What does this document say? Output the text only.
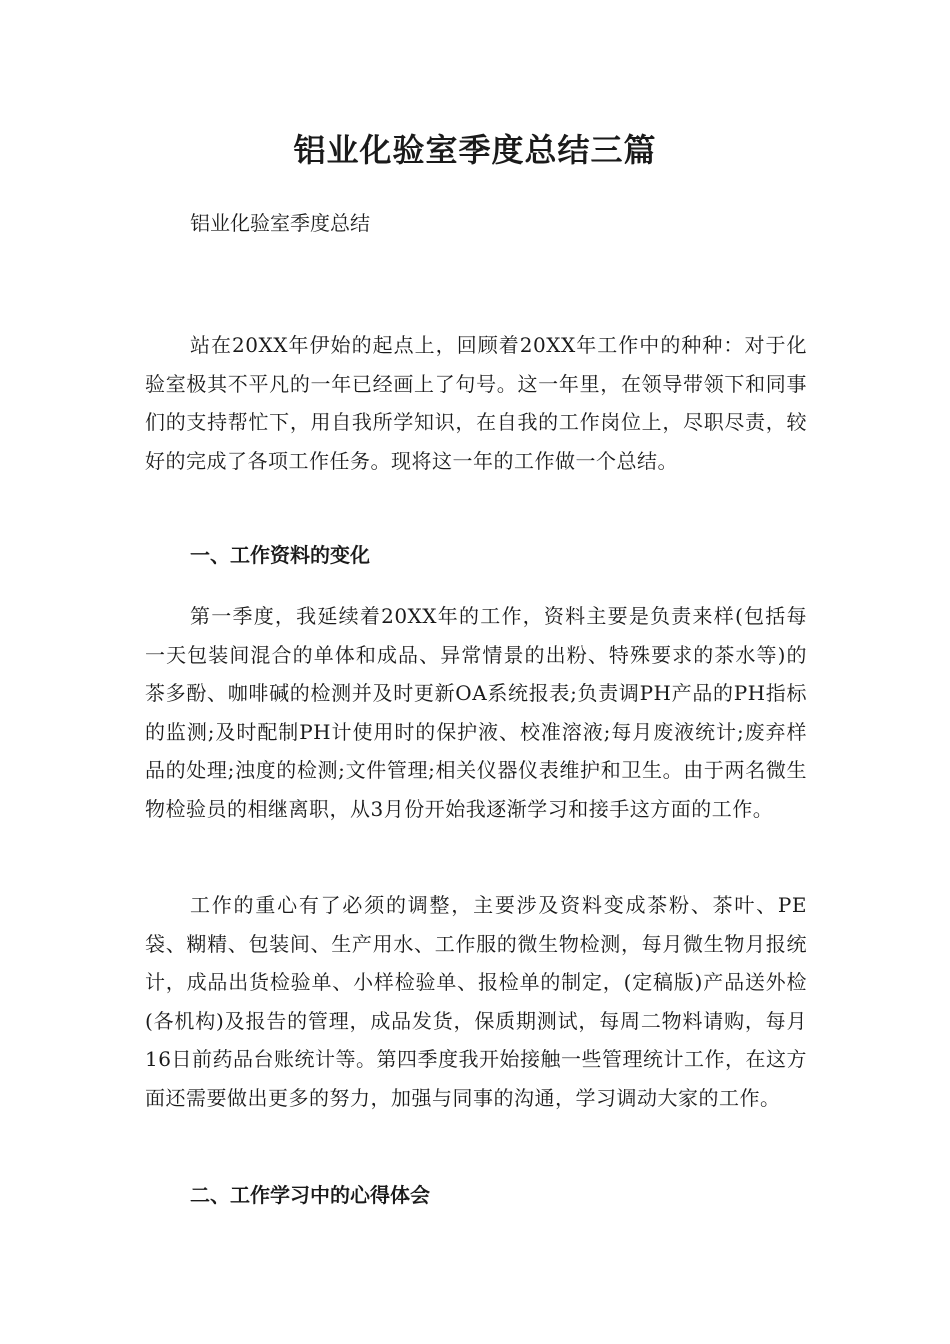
铝业化验室季度总结三篇

铝业化验室季度总结

站在20XX年伊始的起点上，回顾着20XX年工作中的种种：对于化验室极其不平凡的一年已经画上了句号。这一年里，在领导带领下和同事们的支持帮忙下，用自我所学知识，在自我的工作岗位上，尽职尽责，较好的完成了各项工作任务。现将这一年的工作做一个总结。

一、工作资料的变化

第一季度，我延续着20XX年的工作，资料主要是负责来样(包括每一天包装间混合的单体和成品、异常情景的出粉、特殊要求的茶水等)的茶多酚、咖啡碱的检测并及时更新OA系统报表;负责调PH产品的PH指标的监测;及时配制PH计使用时的保护液、校准溶液;每月废液统计;废弃样品的处理;浊度的检测;文件管理;相关仪器仪表维护和卫生。由于两名微生物检验员的相继离职，从3月份开始我逐渐学习和接手这方面的工作。

工作的重心有了必须的调整，主要涉及资料变成茶粉、茶叶、PE袋、糊精、包装间、生产用水、工作服的微生物检测，每月微生物月报统计，成品出货检验单、小样检验单、报检单的制定，(定稿版)产品送外检(各机构)及报告的管理，成品发货，保质期测试，每周二物料请购，每月16日前药品台账统计等。第四季度我开始接触一些管理统计工作，在这方面还需要做出更多的努力，加强与同事的沟通，学习调动大家的工作。

二、工作学习中的心得体会
